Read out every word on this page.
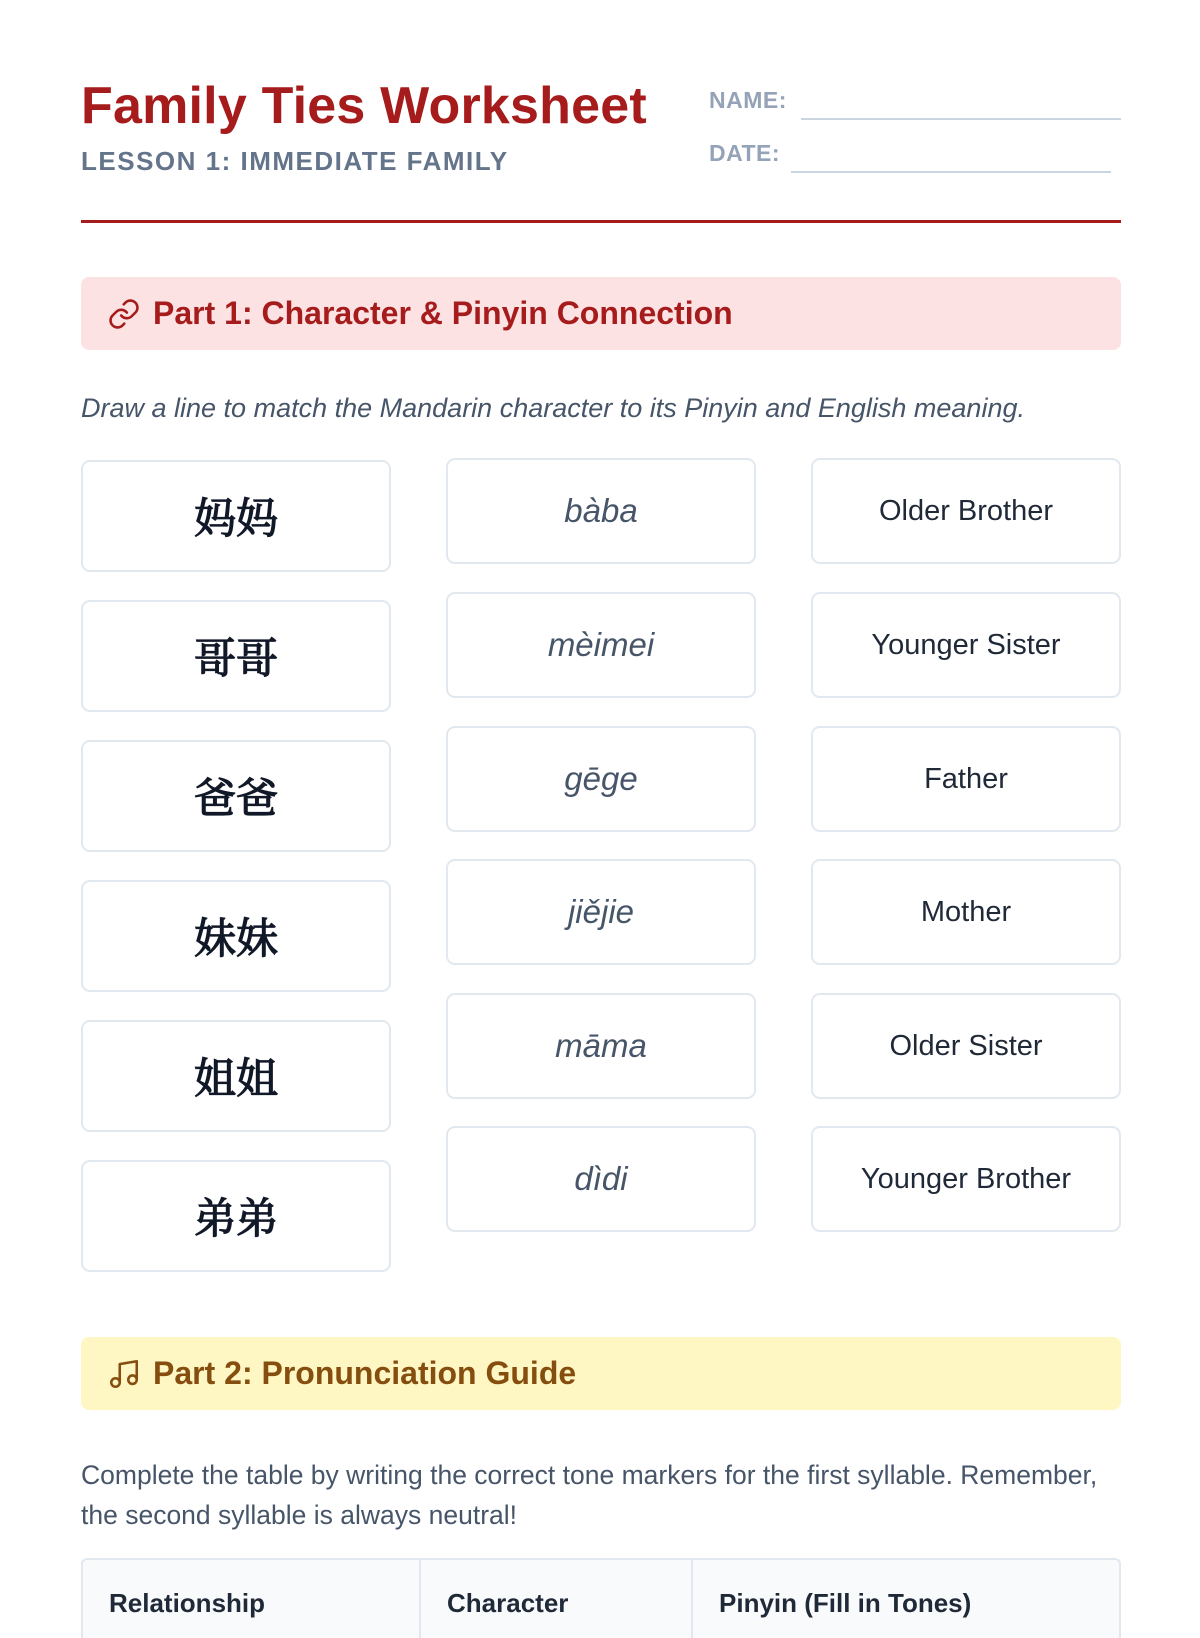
Family Ties Worksheet
LESSON 1: IMMEDIATE FAMILY
NAME:
DATE:
Part 1: Character & Pinyin Connection
Draw a line to match the Mandarin character to its Pinyin and English meaning.
妈妈
哥哥
爸爸
妹妹
姐姐
弟弟
bàba
mèimei
gēge
jiějie
māma
dìdi
Older Brother
Younger Sister
Father
Mother
Older Sister
Younger Brother
Part 2: Pronunciation Guide
Complete the table by writing the correct tone markers for the first syllable. Remember, the second syllable is always neutral!
Relationship	Character	Pinyin (Fill in Tones)
